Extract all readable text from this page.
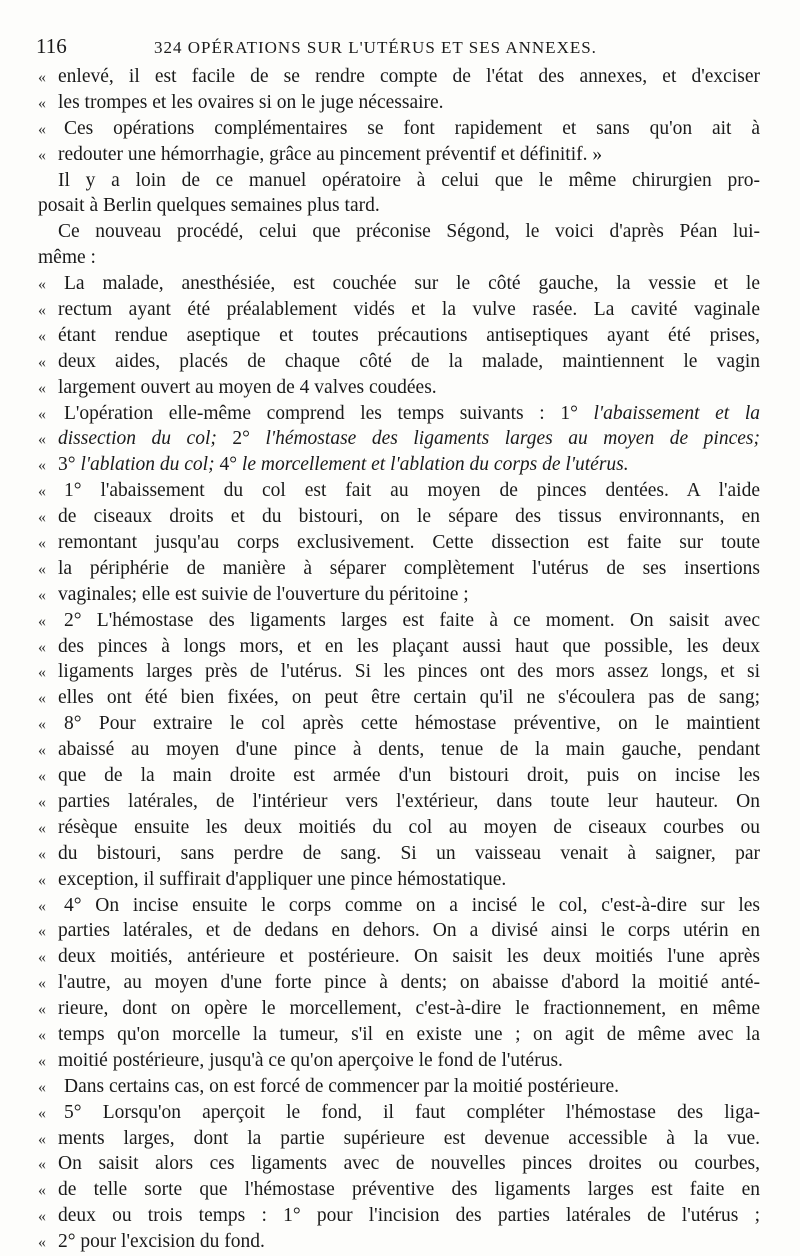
116	324 OPÉRATIONS SUR L'UTÉRUS ET SES ANNEXES.
« enlevé, il est facile de se rendre compte de l'état des annexes, et d'exciser
« les trompes et les ovaires si on le juge nécessaire.
« Ces opérations complémentaires se font rapidement et sans qu'on ait à
« redouter une hémorrhagie, grâce au pincement préventif et définitif. »
Il y a loin de ce manuel opératoire à celui que le même chirurgien pro-
posait à Berlin quelques semaines plus tard.
Ce nouveau procédé, celui que préconise Ségond, le voici d'après Péan lui-
même :
« La malade, anesthésiée, est couchée sur le côté gauche, la vessie et le
« rectum ayant été préalablement vidés et la vulve rasée. La cavité vaginale
« étant rendue aseptique et toutes précautions antiseptiques ayant été prises,
« deux aides, placés de chaque côté de la malade, maintiennent le vagin
« largement ouvert au moyen de 4 valves coudées.
« L'opération elle-même comprend les temps suivants : 1° l'abaissement et la
« dissection du col; 2° l'hémostase des ligaments larges au moyen de pinces;
« 3° l'ablation du col; 4° le morcellement et l'ablation du corps de l'utérus.
« 1° l'abaissement du col est fait au moyen de pinces dentées. A l'aide
« de ciseaux droits et du bistouri, on le sépare des tissus environnants, en
« remontant jusqu'au corps exclusivement. Cette dissection est faite sur toute
« la périphérie de manière à séparer complètement l'utérus de ses insertions
« vaginales; elle est suivie de l'ouverture du péritoine ;
« 2° L'hémostase des ligaments larges est faite à ce moment. On saisit avec
« des pinces à longs mors, et en les plaçant aussi haut que possible, les deux
« ligaments larges près de l'utérus. Si les pinces ont des mors assez longs, et si
« elles ont été bien fixées, on peut être certain qu'il ne s'écoulera pas de sang;
« 8° Pour extraire le col après cette hémostase préventive, on le maintient
« abaissé au moyen d'une pince à dents, tenue de la main gauche, pendant
« que de la main droite est armée d'un bistouri droit, puis on incise les
« parties latérales, de l'intérieur vers l'extérieur, dans toute leur hauteur. On
« résèque ensuite les deux moitiés du col au moyen de ciseaux courbes ou
« du bistouri, sans perdre de sang. Si un vaisseau venait à saigner, par
« exception, il suffirait d'appliquer une pince hémostatique.
« 4° On incise ensuite le corps comme on a incisé le col, c'est-à-dire sur les
« parties latérales, et de dedans en dehors. On a divisé ainsi le corps utérin en
« deux moitiés, antérieure et postérieure. On saisit les deux moitiés l'une après
« l'autre, au moyen d'une forte pince à dents; on abaisse d'abord la moitié anté-
« rieure, dont on opère le morcellement, c'est-à-dire le fractionnement, en même
« temps qu'on morcelle la tumeur, s'il en existe une ; on agit de même avec la
« moitié postérieure, jusqu'à ce qu'on aperçoive le fond de l'utérus.
« Dans certains cas, on est forcé de commencer par la moitié postérieure.
« 5° Lorsqu'on aperçoit le fond, il faut compléter l'hémostase des liga-
« ments larges, dont la partie supérieure est devenue accessible à la vue.
« On saisit alors ces ligaments avec de nouvelles pinces droites ou courbes,
« de telle sorte que l'hémostase préventive des ligaments larges est faite en
« deux ou trois temps : 1° pour l'incision des parties latérales de l'utérus ;
« 2° pour l'excision du fond.
